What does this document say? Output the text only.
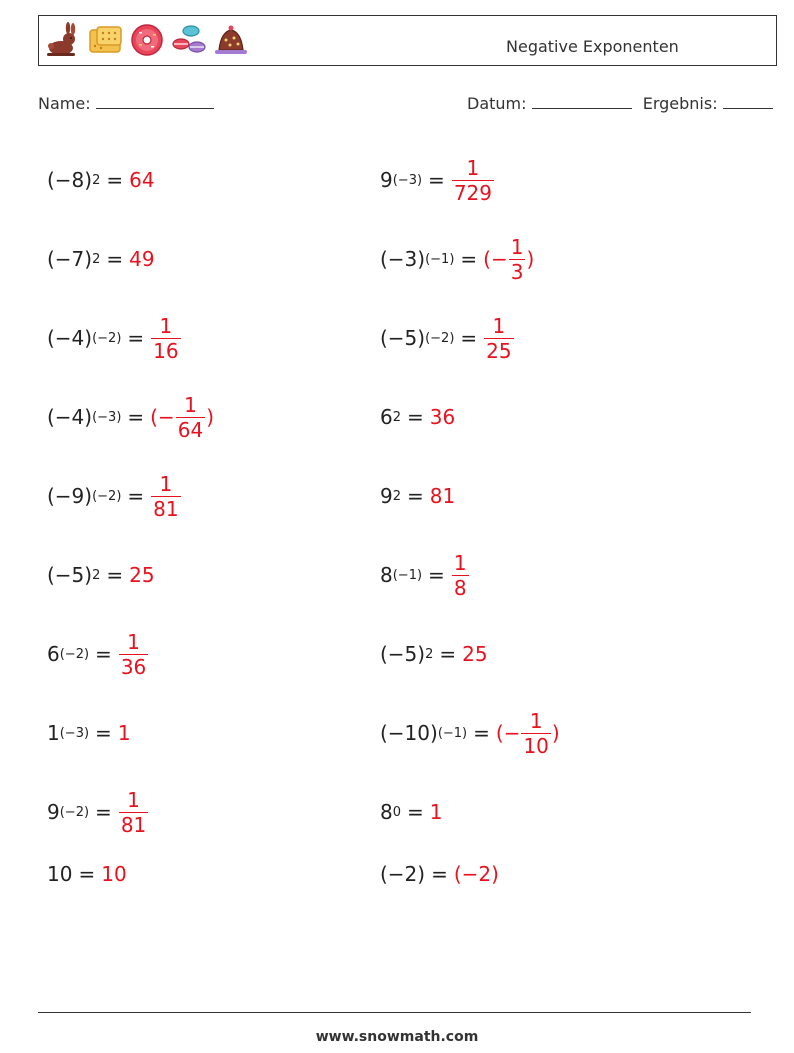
Negative Exponenten
Name:	Datum:	Ergebnis:
(−8) 2 = 64	9 $(-3) = \frac{1}{729}$
(−7) 2 = 49	(−3) (−1) = (− $\frac{1}{3}$ )
(−4) $(-2) = \frac{1}{16}$	(−5) $(-2) = \frac{1}{25}$
(−4) (−3) = (− $\frac{1}{64}$ )	6 2 = 36
(−9) $(-2) = \frac{1}{81}$	9 2 = 81
(−5) 2 = 25	8 $(-1) = \frac{1}{8}$
6 $(-2) = \frac{1}{36}$	(−5) 2 = 25
1 (−3) = 1	(−10) (−1) = (− $\frac{1}{10}$ )
9 $(-2) = \frac{1}{81}$	8 0 = 1
10 = 10	(−2) = (−2)
www.snowmath.com
